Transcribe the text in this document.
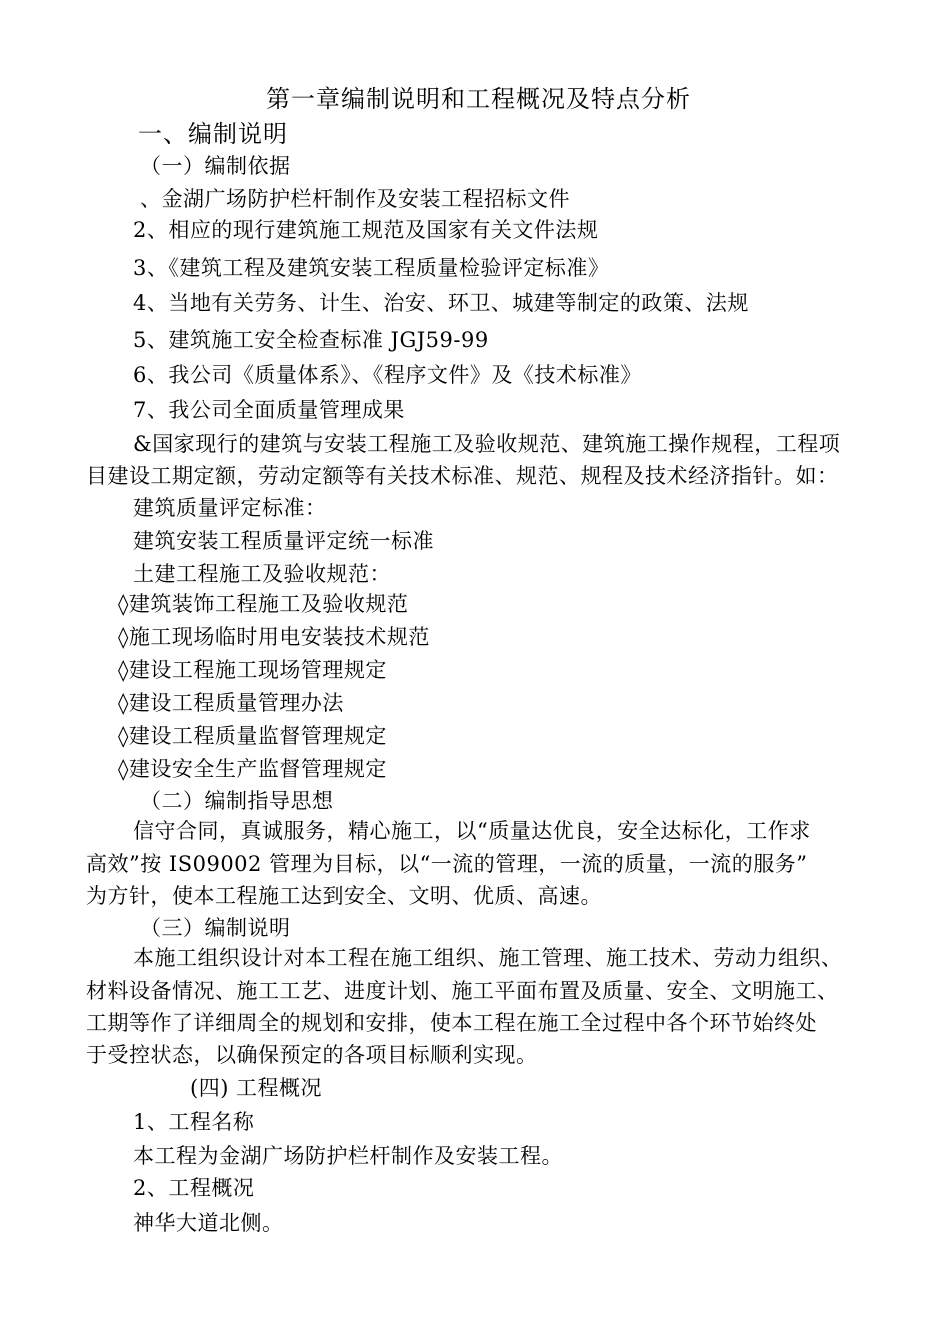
第一章编制说明和工程概况及特点分析
一、编制说明
（一）编制依据
、金湖广场防护栏杆制作及安装工程招标文件
2、相应的现行建筑施工规范及国家有关文件法规
3、《建筑工程及建筑安装工程质量检验评定标准》
4、当地有关劳务、计生、治安、环卫、城建等制定的政策、法规
5、建筑施工安全检查标准 JGJ59-99
6、我公司《质量体系》、《程序文件》及《技术标准》
7、我公司全面质量管理成果
&国家现行的建筑与安装工程施工及验收规范、建筑施工操作规程，工程项
目建设工期定额，劳动定额等有关技术标准、规范、规程及技术经济指针。如：
建筑质量评定标准：
建筑安装工程质量评定统一标准
土建工程施工及验收规范：
◊建筑装饰工程施工及验收规范
◊施工现场临时用电安装技术规范
◊建设工程施工现场管理规定
◊建设工程质量管理办法
◊建设工程质量监督管理规定
◊建设安全生产监督管理规定
（二）编制指导思想
信守合同，真诚服务，精心施工，以“质量达优良，安全达标化，工作求
高效”按 IS09002 管理为目标，以“一流的管理，一流的质量，一流的服务”
为方针，使本工程施工达到安全、文明、优质、高速。
（三）编制说明
本施工组织设计对本工程在施工组织、施工管理、施工技术、劳动力组织、
材料设备情况、施工工艺、进度计划、施工平面布置及质量、安全、文明施工、
工期等作了详细周全的规划和安排，使本工程在施工全过程中各个环节始终处
于受控状态，以确保预定的各项目标顺利实现。
(四) 工程概况
1、工程名称
本工程为金湖广场防护栏杆制作及安装工程。
2、工程概况
神华大道北侧。
